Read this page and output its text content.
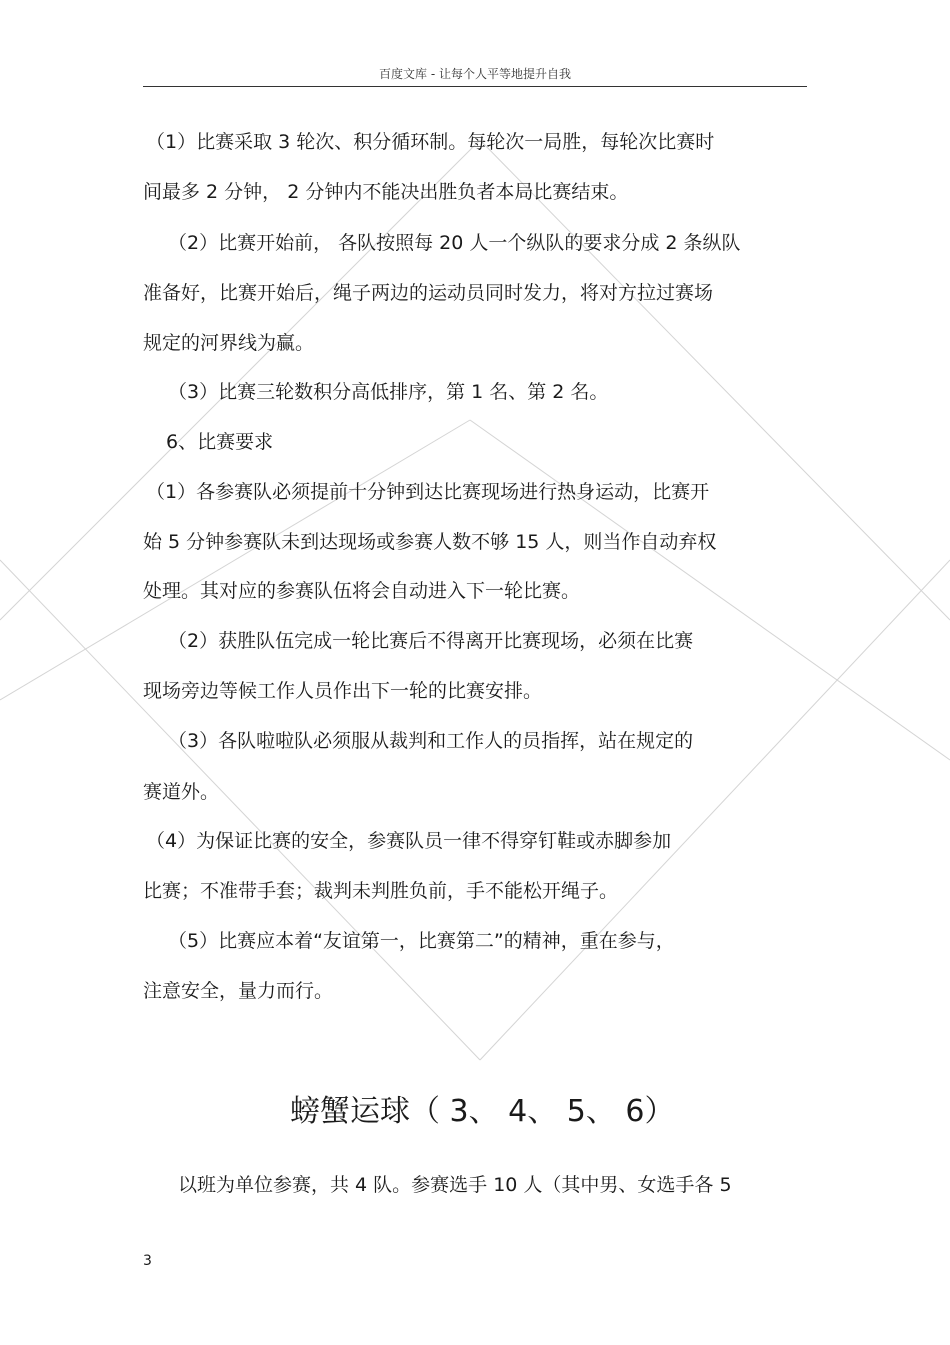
百度文库 - 让每个人平等地提升自我
（1）比赛采取 3 轮次、积分循环制。每轮次一局胜，每轮次比赛时
间最多 2 分钟， 2 分钟内不能决出胜负者本局比赛结束。
（2）比赛开始前， 各队按照每 20 人一个纵队的要求分成 2 条纵队
准备好，比赛开始后，绳子两边的运动员同时发力，将对方拉过赛场
规定的河界线为赢。
（3）比赛三轮数积分高低排序，第 1 名、第 2 名。
6、比赛要求
（1）各参赛队必须提前十分钟到达比赛现场进行热身运动，比赛开
始 5 分钟参赛队未到达现场或参赛人数不够 15 人，则当作自动弃权
处理。其对应的参赛队伍将会自动进入下一轮比赛。
（2）获胜队伍完成一轮比赛后不得离开比赛现场，必须在比赛
现场旁边等候工作人员作出下一轮的比赛安排。
（3）各队啦啦队必须服从裁判和工作人的员指挥，站在规定的
赛道外。
（4）为保证比赛的安全，参赛队员一律不得穿钉鞋或赤脚参加
比赛；不准带手套；裁判未判胜负前，手不能松开绳子。
（5）比赛应本着“友谊第一，比赛第二”的精神，重在参与，
注意安全，量力而行。
螃蟹运球（ 3、 4、 5、 6）
以班为单位参赛，共 4 队。参赛选手 10 人（其中男、女选手各 5
3
